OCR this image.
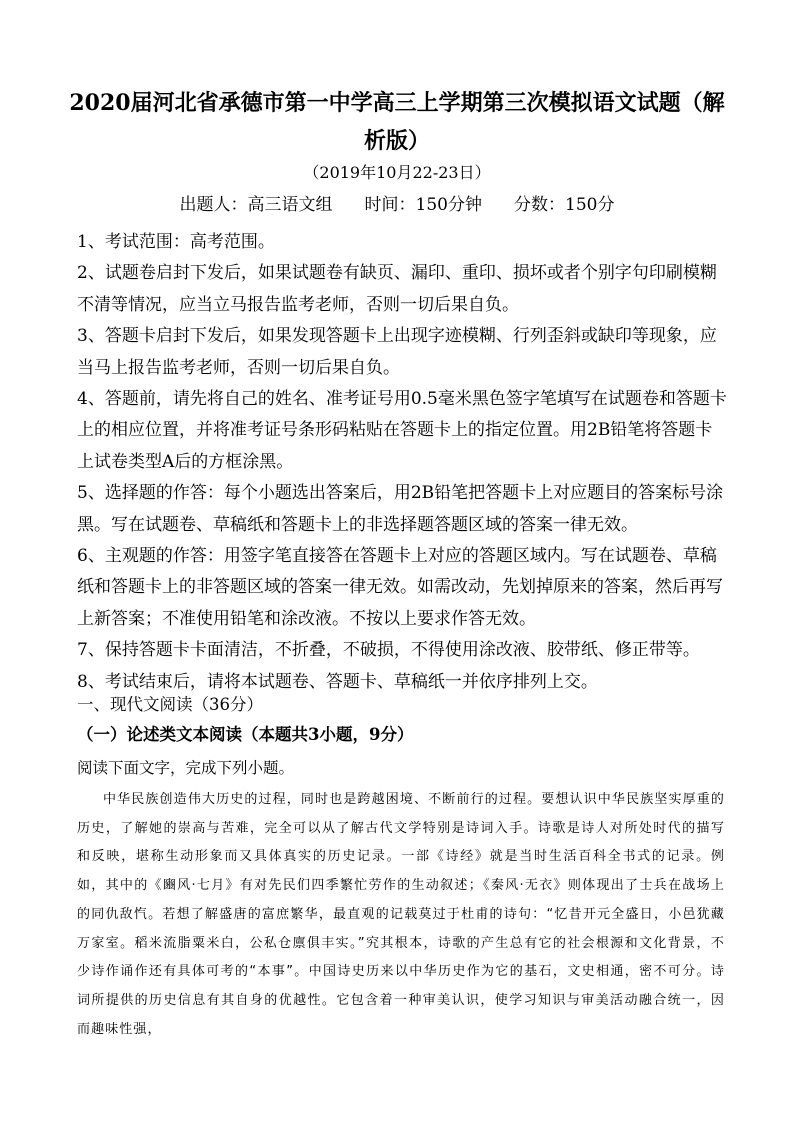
2020届河北省承德市第一中学高三上学期第三次模拟语文试题（解析版）
（2019年10月22-23日）
出题人：高三语文组 时间：150分钟 分数：150分

1、考试范围：高考范围。

2、试题卷启封下发后，如果试题卷有缺页、漏印、重印、损坏或者个别字句印刷模糊不清等情况，应当立马报告监考老师，否则一切后果自负。

3、答题卡启封下发后，如果发现答题卡上出现字迹模糊、行列歪斜或缺印等现象，应当马上报告监考老师，否则一切后果自负。

4、答题前，请先将自己的姓名、准考证号用0.5毫米黑色签字笔填写在试题卷和答题卡上的相应位置，并将准考证号条形码粘贴在答题卡上的指定位置。用2B铅笔将答题卡上试卷类型A后的方框涂黑。

5、选择题的作答：每个小题选出答案后，用2B铅笔把答题卡上对应题目的答案标号涂黑。写在试题卷、草稿纸和答题卡上的非选择题答题区域的答案一律无效。

6、主观题的作答：用签字笔直接答在答题卡上对应的答题区域内。写在试题卷、草稿纸和答题卡上的非答题区域的答案一律无效。如需改动，先划掉原来的答案，然后再写上新答案；不准使用铅笔和涂改液。不按以上要求作答无效。

7、保持答题卡卡面清洁，不折叠，不破损，不得使用涂改液、胶带纸、修正带等。

8、考试结束后，请将本试题卷、答题卡、草稿纸一并依序排列上交。

一、现代文阅读（36分）
（一）论述类文本阅读（本题共3小题，9分）
阅读下面文字，完成下列小题。

中华民族创造伟大历史的过程，同时也是跨越困境、不断前行的过程。要想认识中华民族坚实厚重的历史，了解她的崇高与苦难，完全可以从了解古代文学特别是诗词入手。诗歌是诗人对所处时代的描写和反映，堪称生动形象而又具体真实的历史记录。一部《诗经》就是当时生活百科全书式的记录。例如，其中的《豳风·七月》有对先民们四季繁忙劳作的生动叙述；《秦风·无衣》则体现出了士兵在战场上的同仇敌忾。若想了解盛唐的富庶繁华，最直观的记载莫过于杜甫的诗句：“忆昔开元全盛日，小邑犹藏万家室。稻米流脂粟米白，公私仓廪俱丰实。”究其根本，诗歌的产生总有它的社会根源和文化背景，不少诗作诵作还有具体可考的“本事”。中国诗史历来以中华历史作为它的基石，文史相通，密不可分。诗词所提供的历史信息有其自身的优越性。它包含着一种审美认识，使学习知识与审美活动融合统一，因而趣味性强，
